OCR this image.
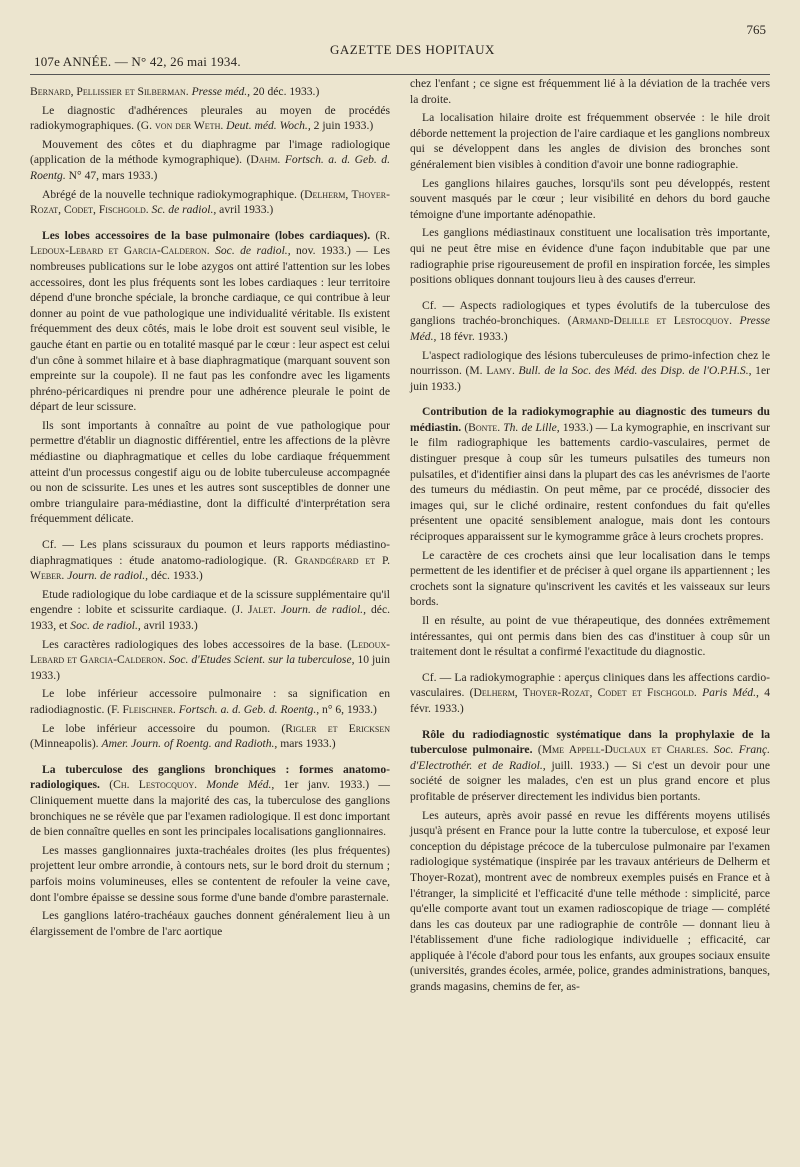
107e ANNÉE. — N° 42, 26 mai 1934.
GAZETTE DES HOPITAUX
765

Bernard, Pellissier et Silberman. Presse méd., 20 déc. 1933.)

Le diagnostic d'adhérences pleurales au moyen de procédés radiokymographiques. (G. von der Weth. Deut. méd. Woch., 2 juin 1933.)

Mouvement des côtes et du diaphragme par l'image radiologique (application de la méthode kymographique). (Dahm. Fortsch. a. d. Geb. d. Roentg. N° 47, mars 1933.)

Abrégé de la nouvelle technique radiokymographique. (Delherm, Thoyer-Rozat, Codet, Fischgold. Sc. de radiol., avril 1933.)

Les lobes accessoires de la base pulmonaire (lobes cardiaques). (R. Ledoux-Lebard et Garcia-Calderon. Soc. de radiol., nov. 1933.) — Les nombreuses publications sur le lobe azygos ont attiré l'attention sur les lobes accessoires, dont les plus fréquents sont les lobes cardiaques : leur territoire dépend d'une bronche spéciale, la bronche cardiaque, ce qui contribue à leur donner au point de vue pathologique une individualité véritable. Ils existent fréquemment des deux côtés, mais le lobe droit est souvent seul visible, le gauche étant en partie ou en totalité masqué par le cœur : leur aspect est celui d'un cône à sommet hilaire et à base diaphragmatique (marquant souvent son empreinte sur la coupole). Il ne faut pas les confondre avec les ligaments phréno-péricardiques ni prendre pour une adhérence pleurale le point de départ de leur scissure.

Ils sont importants à connaître au point de vue pathologique pour permettre d'établir un diagnostic différentiel, entre les affections de la plèvre médiastine ou diaphragmatique et celles du lobe cardiaque fréquemment atteint d'un processus congestif aigu ou de lobite tuberculeuse accompagnée ou non de scissurite. Les unes et les autres sont susceptibles de donner une ombre triangulaire para-médiastine, dont la difficulté d'interprétation sera fréquemment délicate.

Cf. — Les plans scissuraux du poumon et leurs rapports médiastino-diaphragmatiques : étude anatomo-radiologique. (R. Grandgérard et P. Weber. Journ. de radiol., déc. 1933.)

Etude radiologique du lobe cardiaque et de la scissure supplémentaire qu'il engendre : lobite et scissurite cardiaque. (J. Jalet. Journ. de radiol., déc. 1933, et Soc. de radiol., avril 1933.)

Les caractères radiologiques des lobes accessoires de la base. (Ledoux-Lebard et Garcia-Calderon. Soc. d'Etudes Scient. sur la tuberculose, 10 juin 1933.)

Le lobe inférieur accessoire pulmonaire : sa signification en radiodiagnostic. (F. Fleischner. Fortsch. a. d. Geb. d. Roentg., n° 6, 1933.)

Le lobe inférieur accessoire du poumon. (Rigler et Ericksen (Minneapolis). Amer. Journ. of Roentg. and Radioth., mars 1933.)

La tuberculose des ganglions bronchiques : formes anatomo-radiologiques. (Ch. Lestocquoy. Monde Méd., 1er janv. 1933.) — Cliniquement muette dans la majorité des cas, la tuberculose des ganglions bronchiques ne se révèle que par l'examen radiologique. Il est donc important de bien connaître quelles en sont les principales localisations ganglionnaires.

Les masses ganglionnaires juxta-trachéales droites (les plus fréquentes) projettent leur ombre arrondie, à contours nets, sur le bord droit du sternum ; parfois moins volumineuses, elles se contentent de refouler la veine cave, dont l'ombre épaisse se dessine sous forme d'une bande d'ombre parasternale.

Les ganglions latéro-trachéaux gauches donnent généralement lieu à un élargissement de l'ombre de l'arc aortique

chez l'enfant ; ce signe est fréquemment lié à la déviation de la trachée vers la droite.

La localisation hilaire droite est fréquemment observée : le hile droit déborde nettement la projection de l'aire cardiaque et les ganglions nombreux qui se développent dans les angles de division des bronches sont généralement bien visibles à condition d'avoir une bonne radiographie.

Les ganglions hilaires gauches, lorsqu'ils sont peu développés, restent souvent masqués par le cœur ; leur visibilité en dehors du bord gauche témoigne d'une importante adénopathie.

Les ganglions médiastinaux constituent une localisation très importante, qui ne peut être mise en évidence d'une façon indubitable que par une radiographie prise rigoureusement de profil en inspiration forcée, les simples positions obliques donnant toujours lieu à des causes d'erreur.

Cf. — Aspects radiologiques et types évolutifs de la tuberculose des ganglions trachéo-bronchiques. (Armand-Delille et Lestocquoy. Presse Méd., 18 févr. 1933.)

L'aspect radiologique des lésions tuberculeuses de primo-infection chez le nourrisson. (M. Lamy. Bull. de la Soc. des Méd. des Disp. de l'O.P.H.S., 1er juin 1933.)

Contribution de la radiokymographie au diagnostic des tumeurs du médiastin. (Bonte. Th. de Lille, 1933.) — La kymographie, en inscrivant sur le film radiographique les battements cardio-vasculaires, permet de distinguer presque à coup sûr les tumeurs pulsatiles des tumeurs non pulsatiles, et d'identifier ainsi dans la plupart des cas les anévrismes de l'aorte des tumeurs du médiastin. On peut même, par ce procédé, dissocier des images qui, sur le cliché ordinaire, restent confondues du fait qu'elles présentent une opacité sensiblement analogue, mais dont les contours réciproques apparaissent sur le kymogramme grâce à leurs crochets propres.

Le caractère de ces crochets ainsi que leur localisation dans le temps permettent de les identifier et de préciser à quel organe ils appartiennent ; les crochets sont la signature qu'inscrivent les cavités et les vaisseaux sur leurs bords.

Il en résulte, au point de vue thérapeutique, des données extrêmement intéressantes, qui ont permis dans bien des cas d'instituer à coup sûr un traitement dont le résultat a confirmé l'exactitude du diagnostic.

Cf. — La radiokymographie : aperçus cliniques dans les affections cardio-vasculaires. (Delherm, Thoyer-Rozat, Codet et Fischgold. Paris Méd., 4 févr. 1933.)

Rôle du radiodiagnostic systématique dans la prophylaxie de la tuberculose pulmonaire. (Mme Appell-Duclaux et Charles. Soc. Franç. d'Electrothér. et de Radiol., juill. 1933.) — Si c'est un devoir pour une société de soigner les malades, c'en est un plus grand encore et plus profitable de préserver directement les individus bien portants.

Les auteurs, après avoir passé en revue les différents moyens utilisés jusqu'à présent en France pour la lutte contre la tuberculose, et exposé leur conception du dépistage précoce de la tuberculose pulmonaire par l'examen radiologique systématique (inspirée par les travaux antérieurs de Delherm et Thoyer-Rozat), montrent avec de nombreux exemples puisés en France et à l'étranger, la simplicité et l'efficacité d'une telle méthode : simplicité, parce qu'elle comporte avant tout un examen radioscopique de triage — complété dans les cas douteux par une radiographie de contrôle — donnant lieu à l'établissement d'une fiche radiologique individuelle ; efficacité, car appliquée à l'école d'abord pour tous les enfants, aux groupes sociaux ensuite (universités, grandes écoles, armée, police, grandes administrations, banques, grands magasins, chemins de fer, as-
